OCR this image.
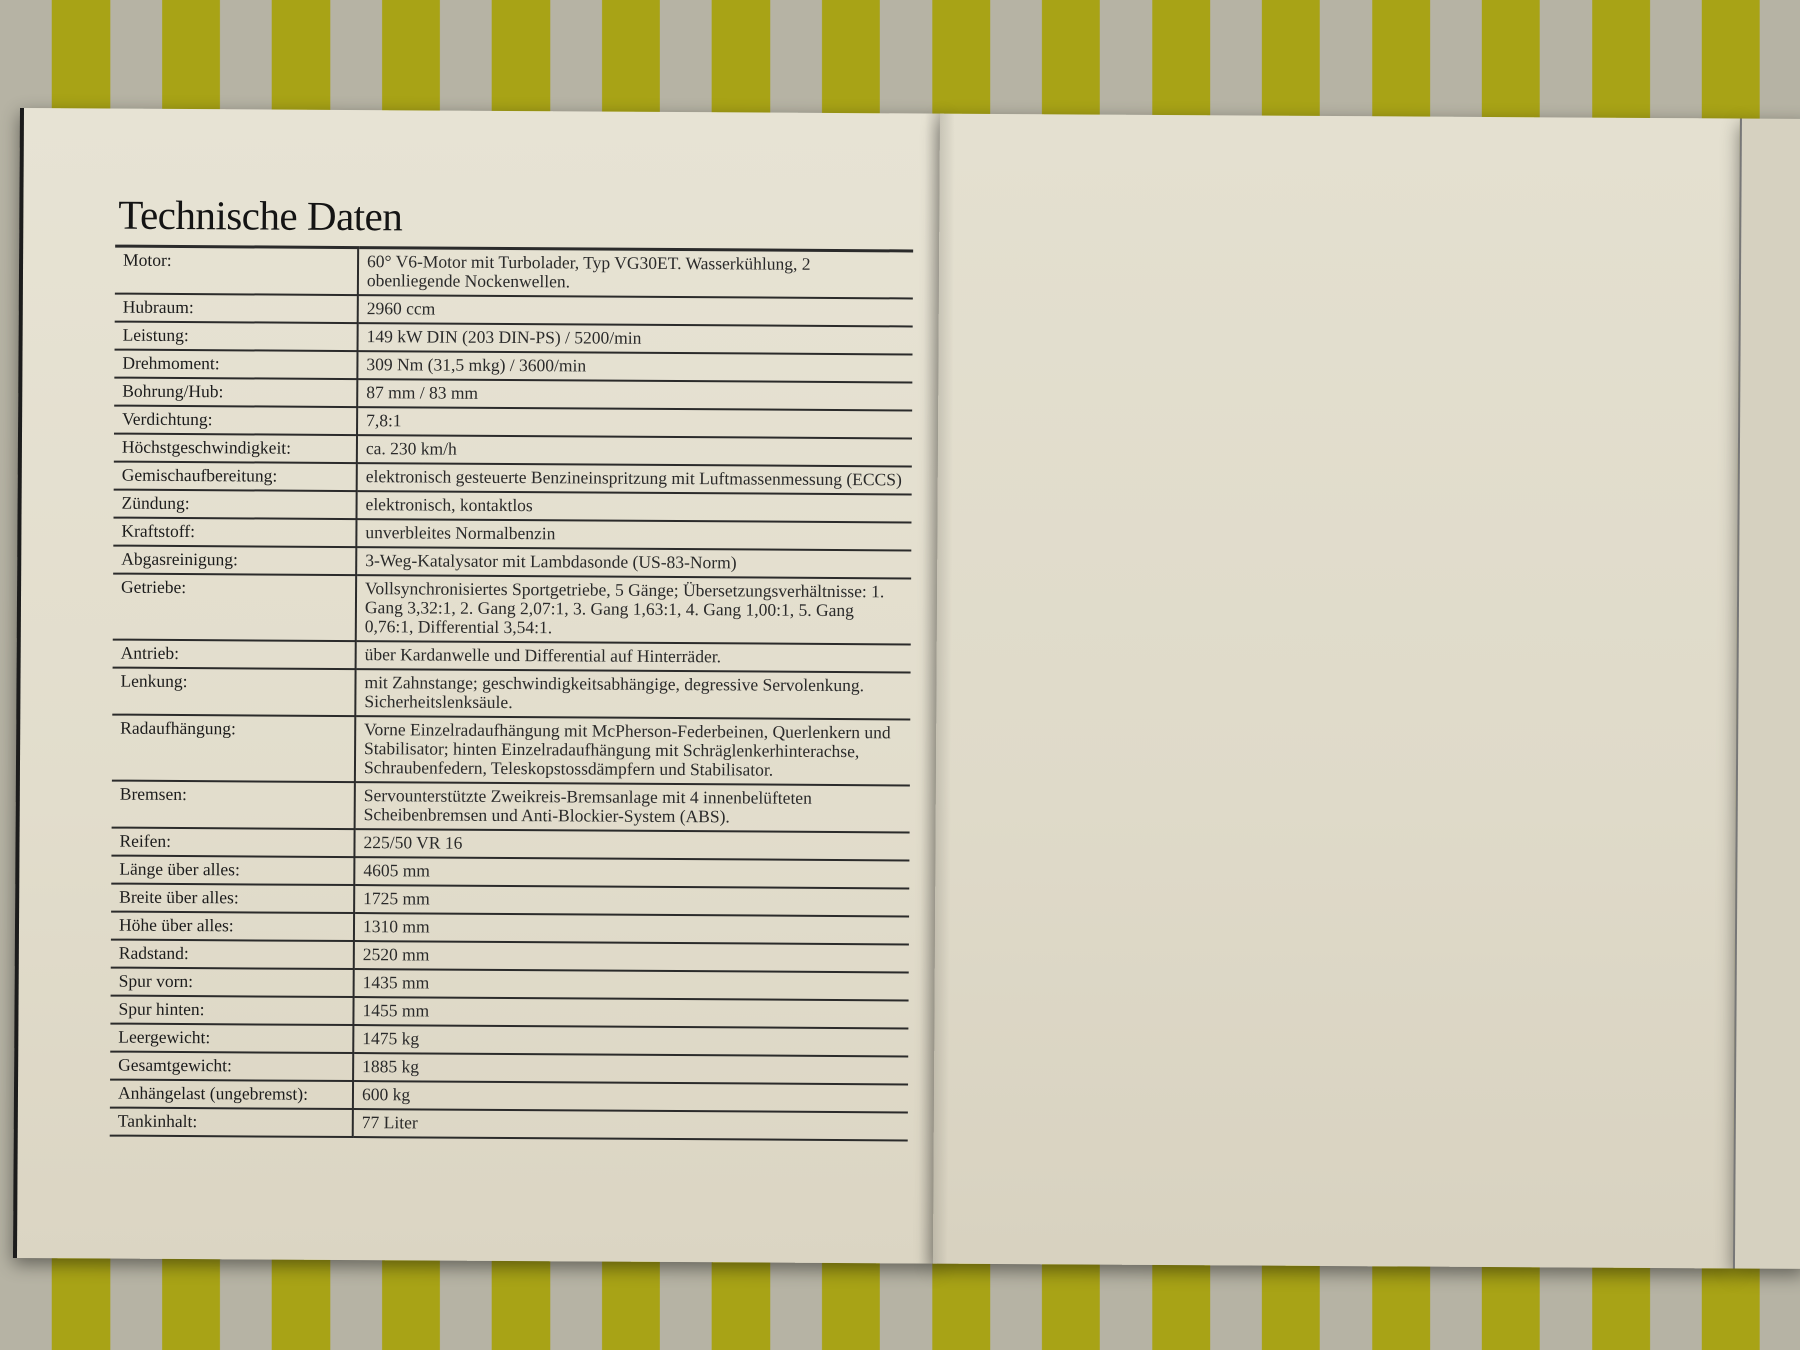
Technische Daten
Motor:	60° V6-Motor mit Turbolader, Typ VG30ET. Wasserkühlung, 2 obenliegende Nockenwellen.
Hubraum:	2960 ccm
Leistung:	149 kW DIN (203 DIN-PS) / 5200/min
Drehmoment:	309 Nm (31,5 mkg) / 3600/min
Bohrung/Hub:	87 mm / 83 mm
Verdichtung:	7,8:1
Höchstgeschwindigkeit:	ca. 230 km/h
Gemischaufbereitung:	elektronisch gesteuerte Benzineinspritzung mit Luftmassenmessung (ECCS)
Zündung:	elektronisch, kontaktlos
Kraftstoff:	unverbleites Normalbenzin
Abgasreinigung:	3-Weg-Katalysator mit Lambdasonde (US-83-Norm)
Getriebe:	Vollsynchronisiertes Sportgetriebe, 5 Gänge; Übersetzungsverhältnisse: 1. Gang 3,32:1, 2. Gang 2,07:1, 3. Gang 1,63:1, 4. Gang 1,00:1, 5. Gang 0,76:1, Differential 3,54:1.
Antrieb:	über Kardanwelle und Differential auf Hinterräder.
Lenkung:	mit Zahnstange; geschwindigkeitsabhängige, degressive Servolenkung. Sicherheitslenksäule.
Radaufhängung:	Vorne Einzelradaufhängung mit McPherson-Federbeinen, Querlenkern und Stabilisator; hinten Einzelradaufhängung mit Schräglenkerhinterachse, Schraubenfedern, Teleskopstossdämpfern und Stabilisator.
Bremsen:	Servounterstützte Zweikreis-Bremsanlage mit 4 innenbelüfteten Scheibenbremsen und Anti-Blockier-System (ABS).
Reifen:	225/50 VR 16
Länge über alles:	4605 mm
Breite über alles:	1725 mm
Höhe über alles:	1310 mm
Radstand:	2520 mm
Spur vorn:	1435 mm
Spur hinten:	1455 mm
Leergewicht:	1475 kg
Gesamtgewicht:	1885 kg
Anhängelast (ungebremst):	600 kg
Tankinhalt:	77 Liter
